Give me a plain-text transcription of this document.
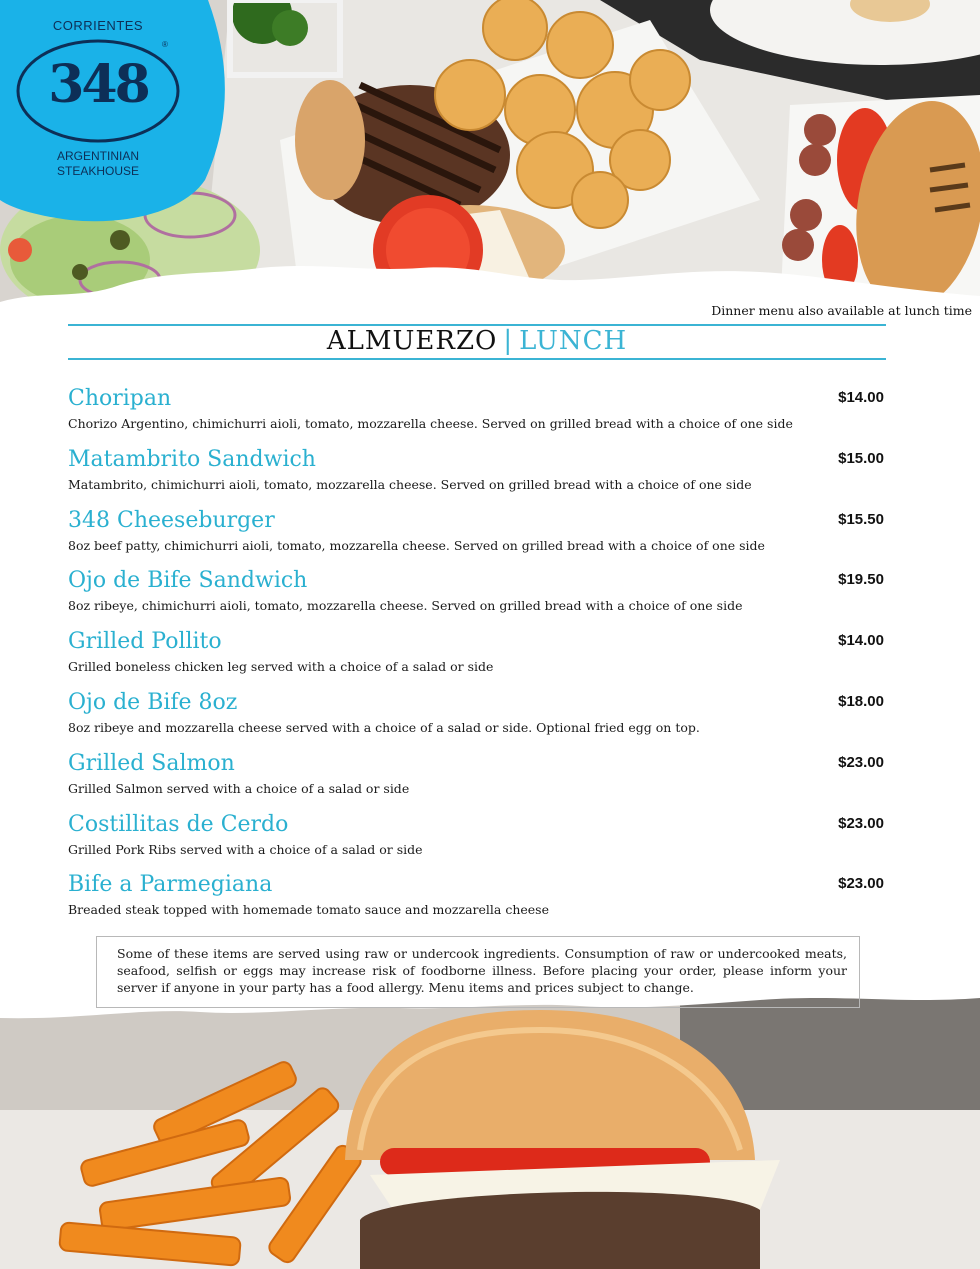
CORRIENTES
348
®
ARGENTINIAN
STEAKHOUSE
Dinner menu also available at lunch time
ALMUERZO | LUNCH
Choripan	$14.00
Chorizo Argentino, chimichurri aioli, tomato, mozzarella cheese. Served on grilled bread with a choice of one side
Matambrito Sandwich	$15.00
Matambrito, chimichurri aioli, tomato, mozzarella cheese. Served on grilled bread with a choice of one side
348 Cheeseburger	$15.50
8oz beef patty, chimichurri aioli, tomato, mozzarella cheese. Served on grilled bread with a choice of one side
Ojo de Bife Sandwich	$19.50
8oz ribeye, chimichurri aioli, tomato, mozzarella cheese. Served on grilled bread with a choice of one side
Grilled Pollito	$14.00
Grilled boneless chicken leg served with a choice of a salad or side
Ojo de Bife 8oz	$18.00
8oz ribeye and mozzarella cheese served with a choice of a salad or side. Optional fried egg on top.
Grilled Salmon	$23.00
Grilled Salmon served with a choice of a salad or side
Costillitas de Cerdo	$23.00
Grilled Pork Ribs served with a choice of a salad or side
Bife a Parmegiana	$23.00
Breaded steak topped with homemade tomato sauce and mozzarella cheese
Some of these items are served using raw or undercook ingredients. Consumption of raw or undercooked meats, seafood, selfish or eggs may increase risk of foodborne illness. Before placing your order, please inform your server if anyone in your party has a food allergy. Menu items and prices subject to change.
